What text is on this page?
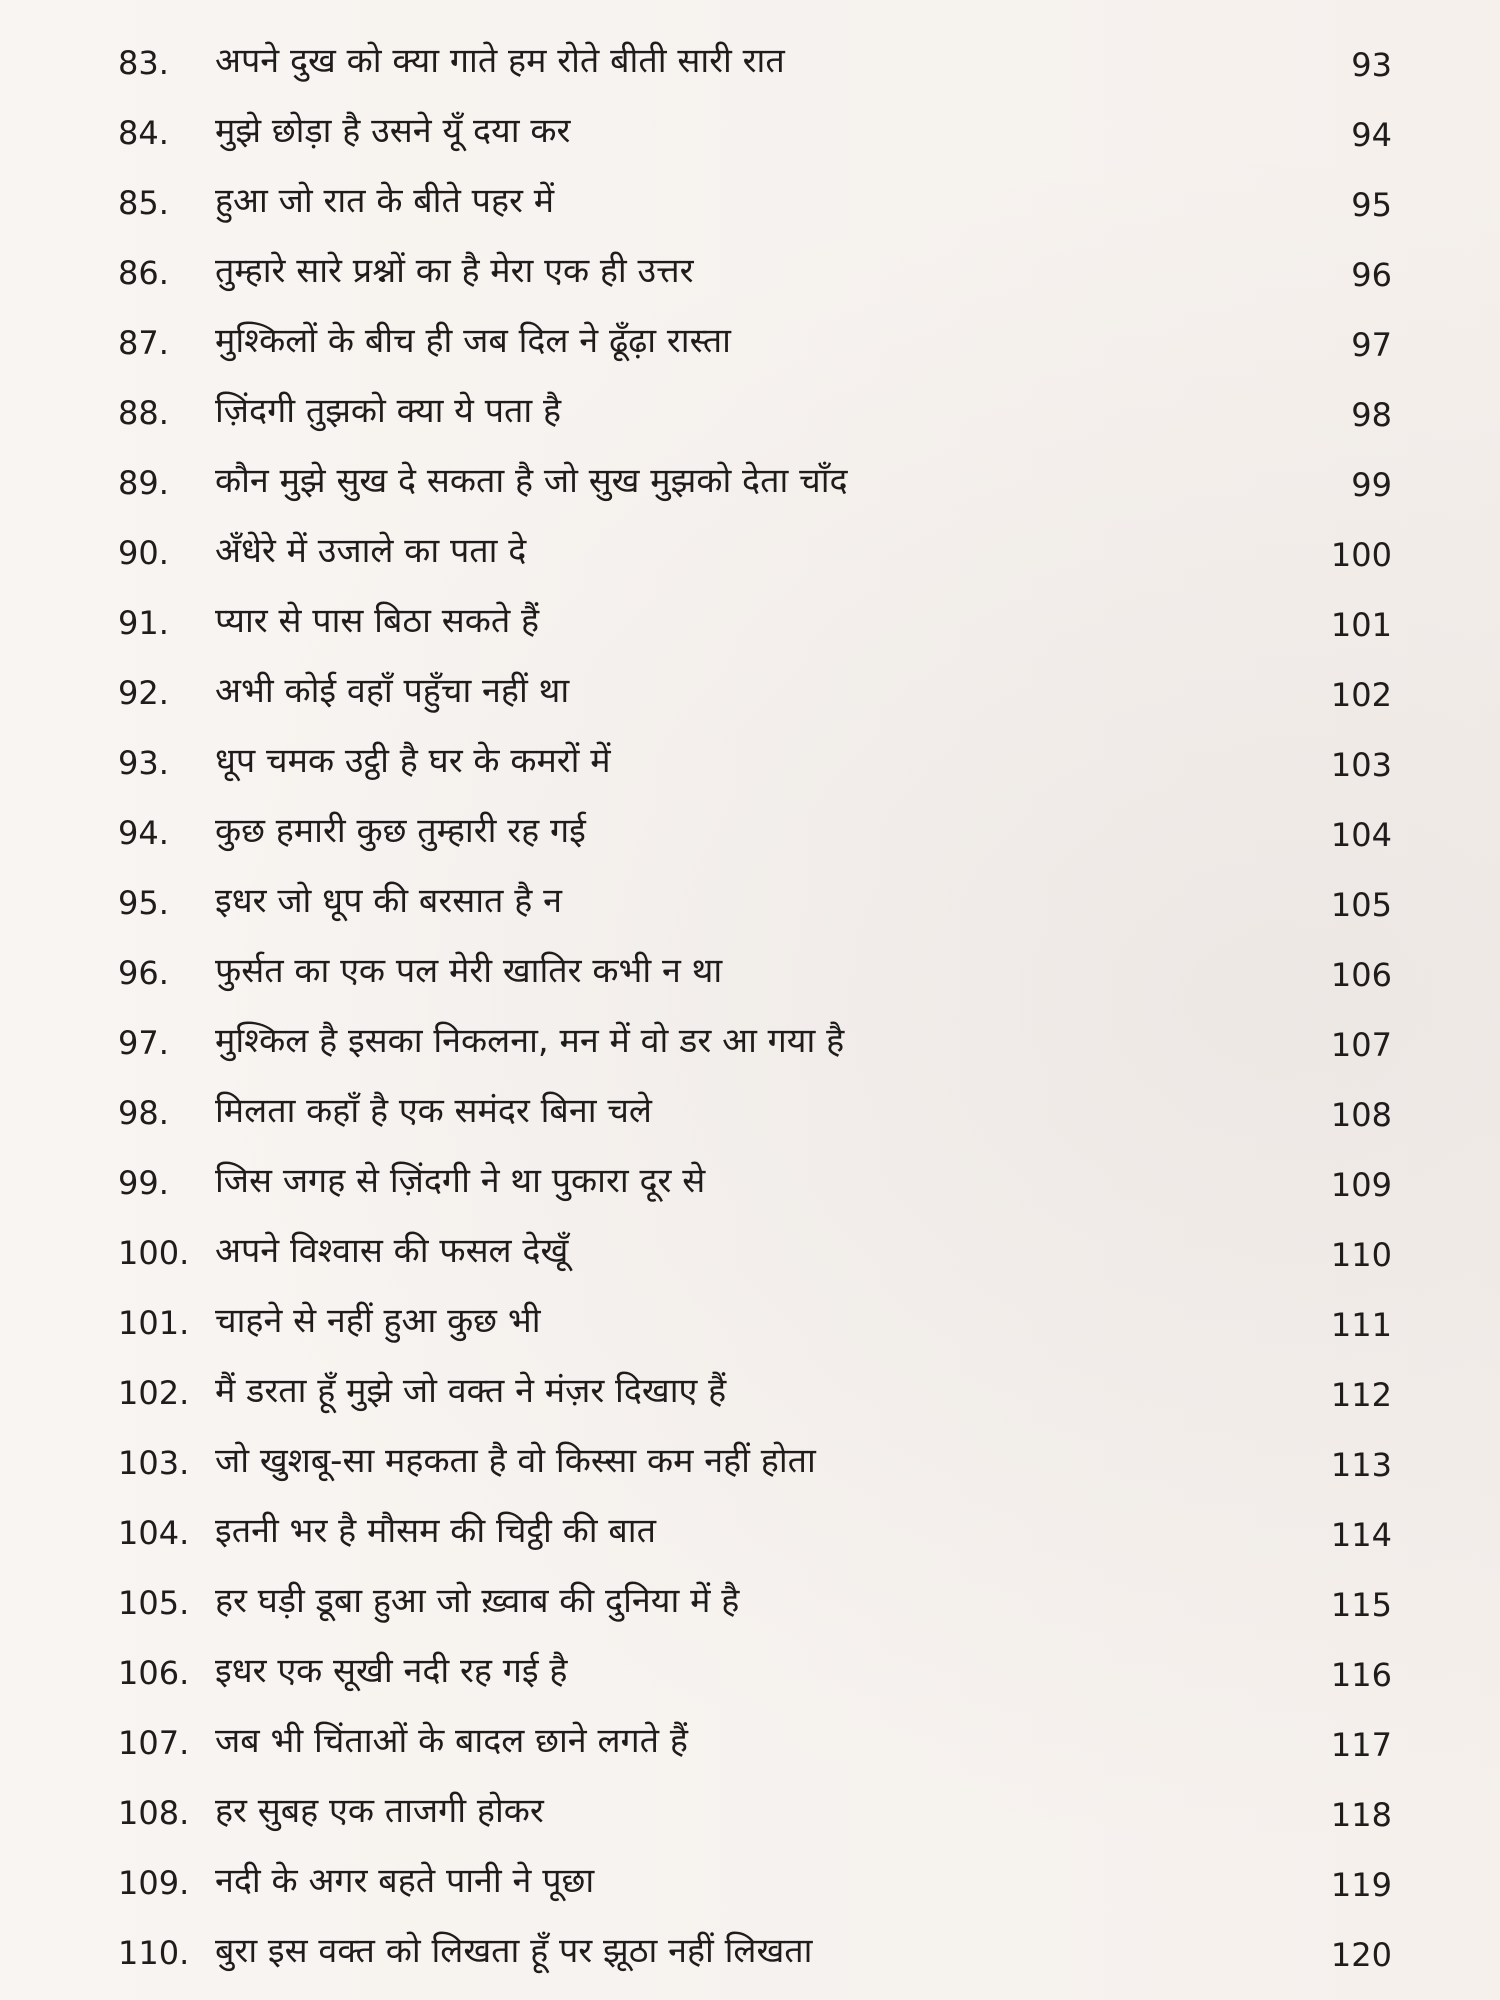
83. अपने दुख को क्या गाते हम रोते बीती सारी रात	93
84. मुझे छोड़ा है उसने यूँ दया कर	94
85. हुआ जो रात के बीते पहर में	95
86. तुम्हारे सारे प्रश्नों का है मेरा एक ही उत्तर	96
87. मुश्किलों के बीच ही जब दिल ने ढूँढ़ा रास्ता	97
88. ज़िंदगी तुझको क्या ये पता है	98
89. कौन मुझे सुख दे सकता है जो सुख मुझको देता चाँद	99
90. अँधेरे में उजाले का पता दे	100
91. प्यार से पास बिठा सकते हैं	101
92. अभी कोई वहाँ पहुँचा नहीं था	102
93. धूप चमक उट्ठी है घर के कमरों में	103
94. कुछ हमारी कुछ तुम्हारी रह गई	104
95. इधर जो धूप की बरसात है न	105
96. फुर्सत का एक पल मेरी खातिर कभी न था	106
97. मुश्किल है इसका निकलना, मन में वो डर आ गया है	107
98. मिलता कहाँ है एक समंदर बिना चले	108
99. जिस जगह से ज़िंदगी ने था पुकारा दूर से	109
100. अपने विश्वास की फसल देखूँ	110
101. चाहने से नहीं हुआ कुछ भी	111
102. मैं डरता हूँ मुझे जो वक्त ने मंज़र दिखाए हैं	112
103. जो खुशबू-सा महकता है वो किस्सा कम नहीं होता	113
104. इतनी भर है मौसम की चिट्ठी की बात	114
105. हर घड़ी डूबा हुआ जो ख़्वाब की दुनिया में है	115
106. इधर एक सूखी नदी रह गई है	116
107. जब भी चिंताओं के बादल छाने लगते हैं	117
108. हर सुबह एक ताजगी होकर	118
109. नदी के अगर बहते पानी ने पूछा	119
110. बुरा इस वक्त को लिखता हूँ पर झूठा नहीं लिखता	120
